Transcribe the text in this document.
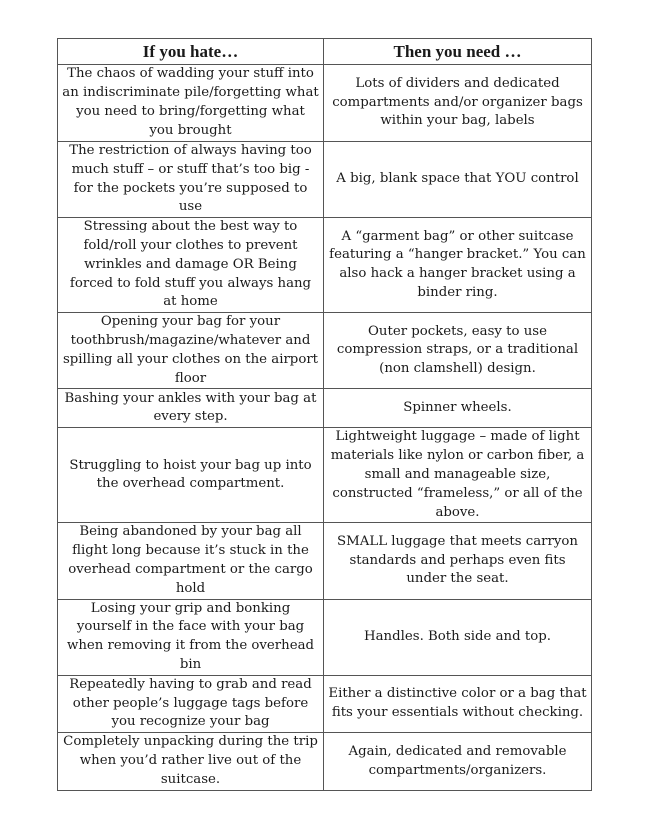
If you hate…	Then you need …
The chaos of wadding your stuff into an indiscriminate pile/forgetting what you need to bring/forgetting what you brought	Lots of dividers and dedicated compartments and/or organizer bags within your bag, labels
The restriction of always having too much stuff – or stuff that’s too big - for the pockets you’re supposed to use	A big, blank space that YOU control
Stressing about the best way to fold/roll your clothes to prevent wrinkles and damage OR Being forced to fold stuff you always hang at home	A “garment bag” or other suitcase featuring a “hanger bracket.” You can also hack a hanger bracket using a binder ring.
Opening your bag for your toothbrush/magazine/whatever and spilling all your clothes on the airport floor	Outer pockets, easy to use compression straps, or a traditional (non clamshell) design.
Bashing your ankles with your bag at every step.	Spinner wheels.
Struggling to hoist your bag up into the overhead compartment.	Lightweight luggage – made of light materials like nylon or carbon fiber, a small and manageable size, constructed “frameless,” or all of the above.
Being abandoned by your bag all flight long because it’s stuck in the overhead compartment or the cargo hold	SMALL luggage that meets carryon standards and perhaps even fits under the seat.
Losing your grip and bonking yourself in the face with your bag when removing it from the overhead bin	Handles. Both side and top.
Repeatedly having to grab and read other people’s luggage tags before you recognize your bag	Either a distinctive color or a bag that fits your essentials without checking.
Completely unpacking during the trip when you’d rather live out of the suitcase.	Again, dedicated and removable compartments/organizers.
